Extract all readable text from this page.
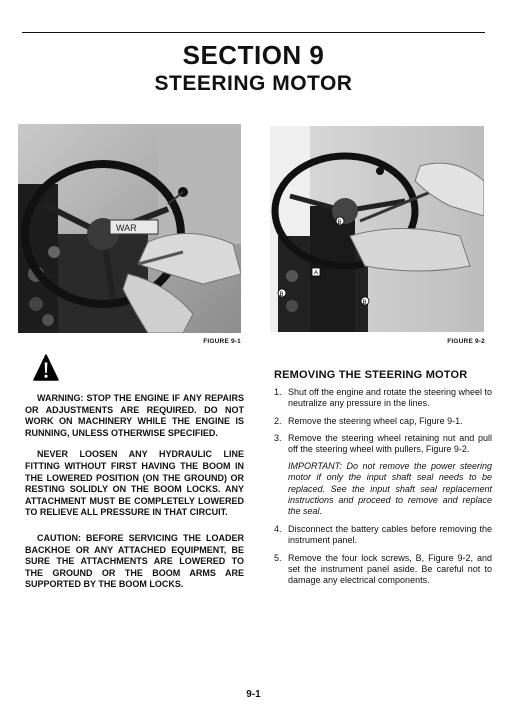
SECTION 9
STEERING MOTOR
WAR
FIGURE 9-1
B
A
B
B
FIGURE 9-2

WARNING: STOP THE ENGINE IF ANY REPAIRS OR ADJUSTMENTS ARE REQUIRED. DO NOT WORK ON MACHINERY WHILE THE ENGINE IS RUNNING, UNLESS OTHERWISE SPECIFIED.

NEVER LOOSEN ANY HYDRAULIC LINE FITTING WITHOUT FIRST HAVING THE BOOM IN THE LOWERED POSITION (ON THE GROUND) OR RESTING SOLIDLY ON THE BOOM LOCKS. ANY ATTACHMENT MUST BE COMPLETELY LOWERED TO RELIEVE ALL PRESSURE IN THAT CIRCUIT.

CAUTION: BEFORE SERVICING THE LOADER BACKHOE OR ANY ATTACHED EQUIPMENT, BE SURE THE ATTACHMENTS ARE LOWERED TO THE GROUND OR THE BOOM ARMS ARE SUPPORTED BY THE BOOM LOCKS.

REMOVING THE STEERING MOTOR
1. Shut off the engine and rotate the steering wheel to neutralize any pressure in the lines.
2. Remove the steering wheel cap, Figure 9-1.
3. Remove the steering wheel retaining nut and pull off the steering wheel with pullers, Figure 9-2.

IMPORTANT: Do not remove the power steering motor if only the input shaft seal needs to be replaced. See the input shaft seal replacement instructions and proceed to remove and replace the seal.

4. Disconnect the battery cables before removing the instrument panel.
5. Remove the four lock screws, B, Figure 9-2, and set the instrument panel aside. Be careful not to damage any electrical components.
9-1
